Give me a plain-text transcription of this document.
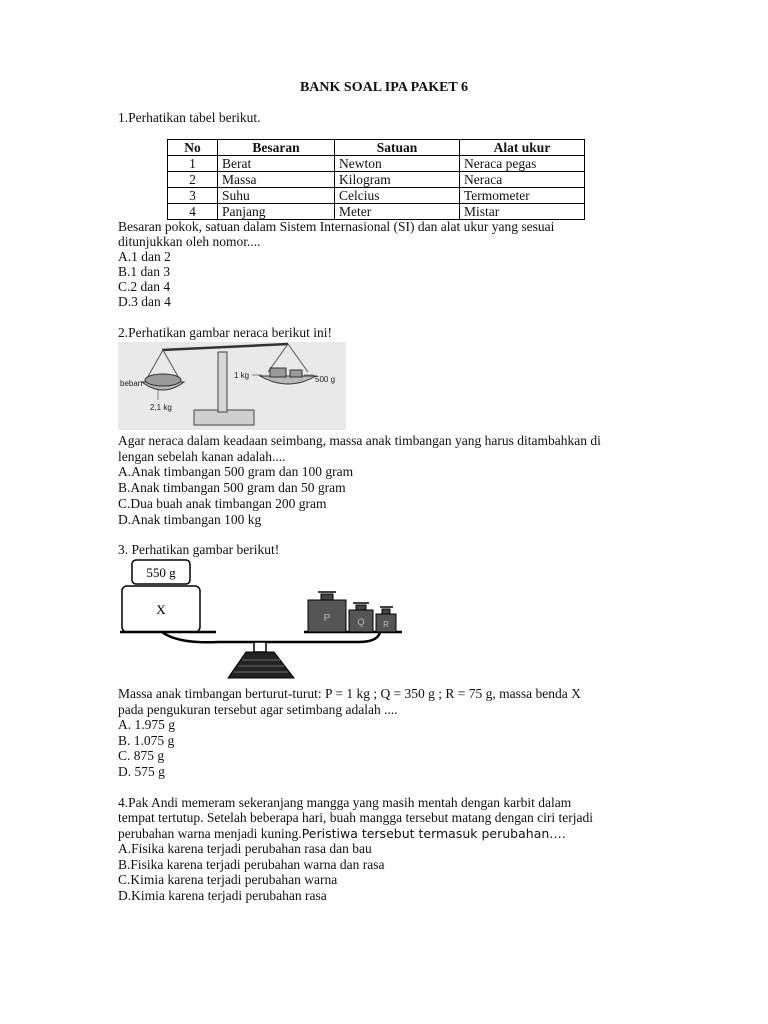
BANK SOAL IPA PAKET 6
1.Perhatikan tabel berikut.
No	Besaran	Satuan	Alat ukur
1	Berat	Newton	Neraca pegas
2	Massa	Kilogram	Neraca
3	Suhu	Celcius	Termometer
4	Panjang	Meter	Mistar
Besaran pokok, satuan dalam Sistem Internasional (SI) dan alat ukur yang sesuai
ditunjukkan oleh nomor....
A.1 dan 2
B.1 dan 3
C.2 dan 4
D.3 dan 4
2.Perhatikan gambar neraca berikut ini!
beban
2,1 kg
1 kg	500 g
Agar neraca dalam keadaan seimbang, massa anak timbangan yang harus ditambahkan di
lengan sebelah kanan adalah....
A.Anak timbangan 500 gram dan 100 gram
B.Anak timbangan 500 gram dan 50 gram
C.Dua buah anak timbangan 200 gram
D.Anak timbangan 100 kg
3. Perhatikan gambar berikut!
550 g
X
P	Q R
Massa anak timbangan berturut-turut: P = 1 kg ; Q = 350 g ; R = 75 g, massa benda X
pada pengukuran tersebut agar setimbang adalah ....
A. 1.975 g
B. 1.075 g
C. 875 g
D. 575 g
4.Pak Andi memeram sekeranjang mangga yang masih mentah dengan karbit dalam
tempat tertutup. Setelah beberapa hari, buah mangga tersebut matang dengan ciri terjadi
perubahan warna menjadi kuning.Peristiwa tersebut termasuk perubahan….
A.Fisika karena terjadi perubahan rasa dan bau
B.Fisika karena terjadi perubahan warna dan rasa
C.Kimia karena terjadi perubahan warna
D.Kimia karena terjadi perubahan rasa
